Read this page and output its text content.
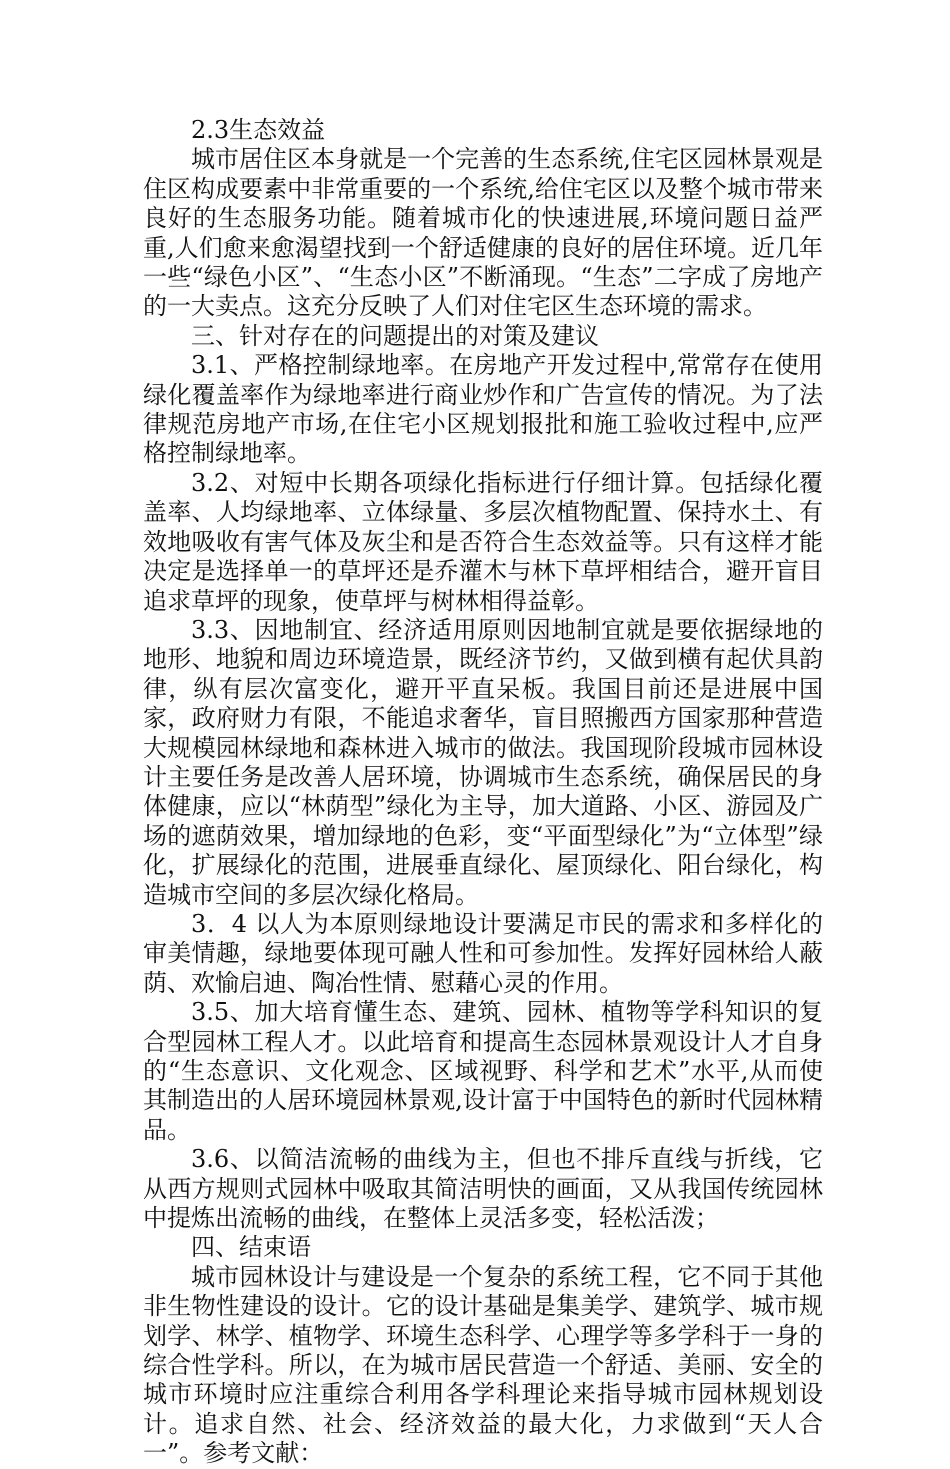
2.3生态效益

城市居住区本身就是一个完善的生态系统,住宅区园林景观是住区构成要素中非常重要的一个系统,给住宅区以及整个城市带来良好的生态服务功能。随着城市化的快速进展,环境问题日益严重,人们愈来愈渴望找到一个舒适健康的良好的居住环境。近几年一些“绿色小区”、“生态小区”不断涌现。“生态”二字成了房地产的一大卖点。这充分反映了人们对住宅区生态环境的需求。

三、针对存在的问题提出的对策及建议

3.1、严格控制绿地率。在房地产开发过程中,常常存在使用绿化覆盖率作为绿地率进行商业炒作和广告宣传的情况。为了法律规范房地产市场,在住宅小区规划报批和施工验收过程中,应严格控制绿地率。

3.2、对短中长期各项绿化指标进行仔细计算。包括绿化覆盖率、人均绿地率、立体绿量、多层次植物配置、保持水土、有效地吸收有害气体及灰尘和是否符合生态效益等。只有这样才能决定是选择单一的草坪还是乔灌木与林下草坪相结合，避开盲目追求草坪的现象，使草坪与树林相得益彰。

3.3、因地制宜、经济适用原则因地制宜就是要依据绿地的地形、地貌和周边环境造景，既经济节约，又做到横有起伏具韵律，纵有层次富变化，避开平直呆板。我国目前还是进展中国家，政府财力有限，不能追求奢华，盲目照搬西方国家那种营造大规模园林绿地和森林进入城市的做法。我国现阶段城市园林设计主要任务是改善人居环境，协调城市生态系统，确保居民的身体健康，应以“林荫型”绿化为主导，加大道路、小区、游园及广场的遮荫效果，增加绿地的色彩，变“平面型绿化”为“立体型”绿化，扩展绿化的范围，进展垂直绿化、屋顶绿化、阳台绿化，构造城市空间的多层次绿化格局。

3．4 以人为本原则绿地设计要满足市民的需求和多样化的审美情趣，绿地要体现可融人性和可参加性。发挥好园林给人蔽荫、欢愉启迪、陶冶性情、慰藉心灵的作用。

3.5、加大培育懂生态、建筑、园林、植物等学科知识的复合型园林工程人才。以此培育和提高生态园林景观设计人才自身的“生态意识、文化观念、区域视野、科学和艺术”水平,从而使其制造出的人居环境园林景观,设计富于中国特色的新时代园林精品。

3.6、以简洁流畅的曲线为主，但也不排斥直线与折线，它从西方规则式园林中吸取其简洁明快的画面，又从我国传统园林中提炼出流畅的曲线，在整体上灵活多变，轻松活泼；

四、结束语

城市园林设计与建设是一个复杂的系统工程，它不同于其他非生物性建设的设计。它的设计基础是集美学、建筑学、城市规划学、林学、植物学、环境生态科学、心理学等多学科于一身的综合性学科。所以，在为城市居民营造一个舒适、美丽、安全的城市环境时应注重综合利用各学科理论来指导城市园林规划设计。追求自然、社会、经济效益的最大化，力求做到“天人合一”。参考文献：
